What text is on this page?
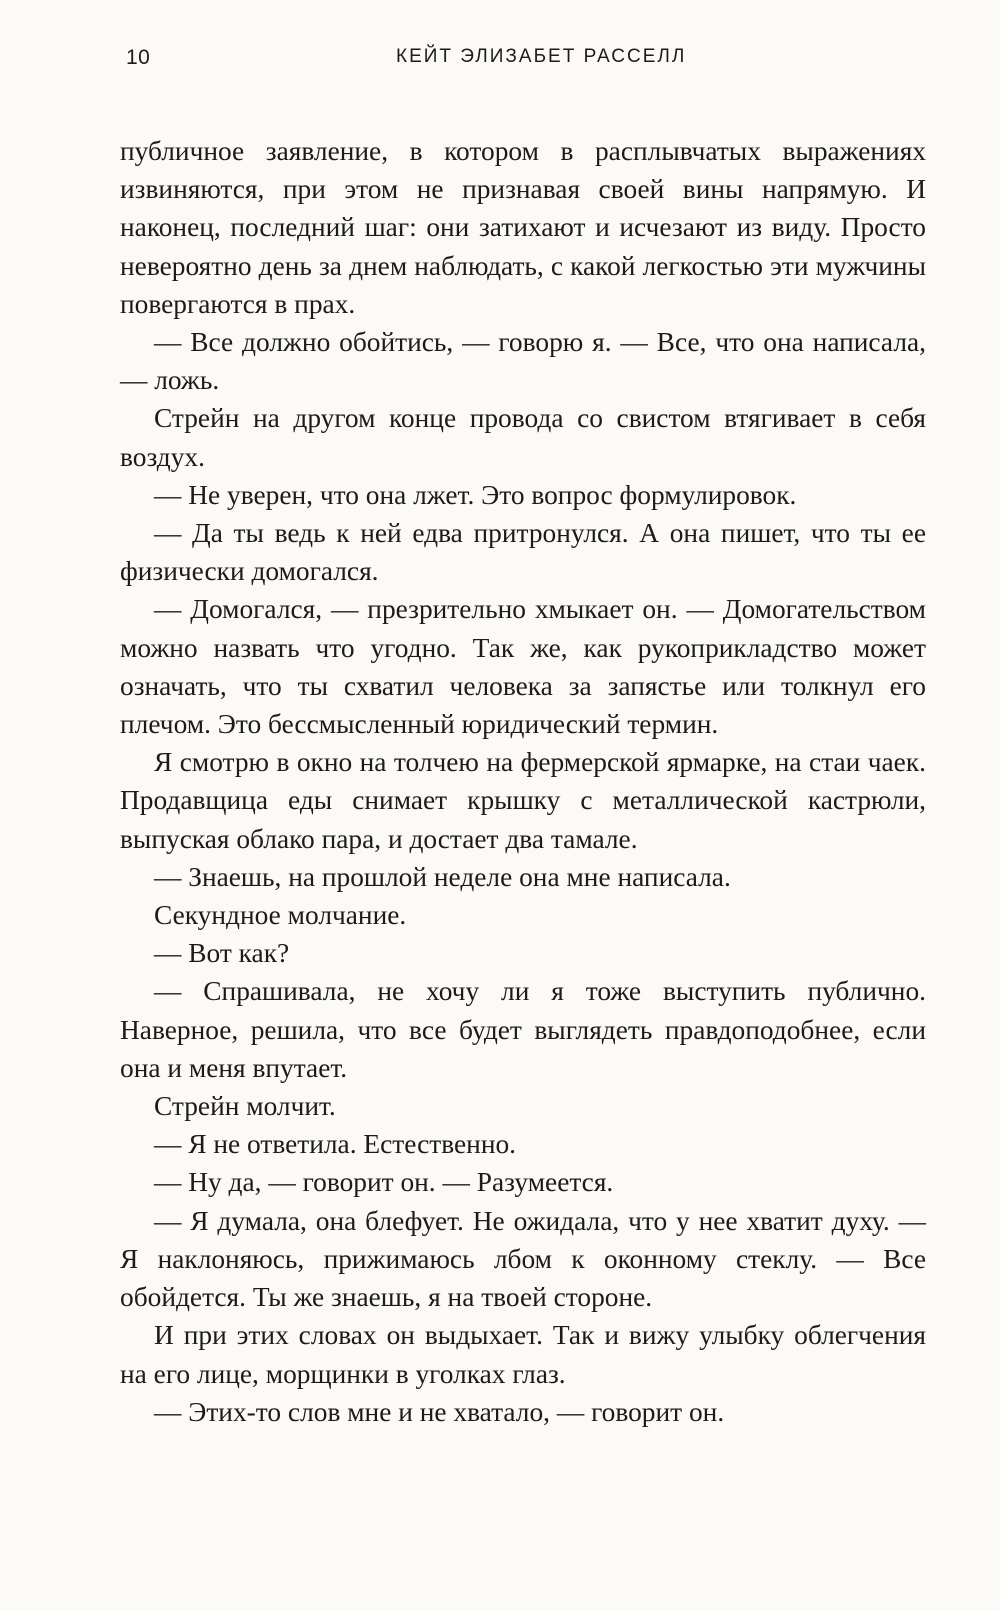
10	КЕЙТ ЭЛИЗАБЕТ РАССЕЛЛ

публичное заявление, в котором в расплывчатых выражениях извиняются, при этом не признавая своей вины напрямую. И наконец, последний шаг: они затихают и исчезают из виду. Просто невероятно день за днем наблюдать, с какой легкостью эти мужчины повергаются в прах.

— Все должно обойтись, — говорю я. — Все, что она написала, — ложь.

Стрейн на другом конце провода со свистом втягивает в себя воздух.

— Не уверен, что она лжет. Это вопрос формулировок.

— Да ты ведь к ней едва притронулся. А она пишет, что ты ее физически домогался.

— Домогался, — презрительно хмыкает он. — Домогательством можно назвать что угодно. Так же, как рукоприкладство может означать, что ты схватил человека за запястье или толкнул его плечом. Это бессмысленный юридический термин.

Я смотрю в окно на толчею на фермерской ярмарке, на стаи чаек. Продавщица еды снимает крышку с металлической кастрюли, выпуская облако пара, и достает два тамале.

— Знаешь, на прошлой неделе она мне написала.

Секундное молчание.

— Вот как?

— Спрашивала, не хочу ли я тоже выступить публично. Наверное, решила, что все будет выглядеть правдоподобнее, если она и меня впутает.

Стрейн молчит.

— Я не ответила. Естественно.

— Ну да, — говорит он. — Разумеется.

— Я думала, она блефует. Не ожидала, что у нее хватит духу. — Я наклоняюсь, прижимаюсь лбом к оконному стеклу. — Все обойдется. Ты же знаешь, я на твоей стороне.

И при этих словах он выдыхает. Так и вижу улыбку облегчения на его лице, морщинки в уголках глаз.

— Этих-то слов мне и не хватало, — говорит он.
